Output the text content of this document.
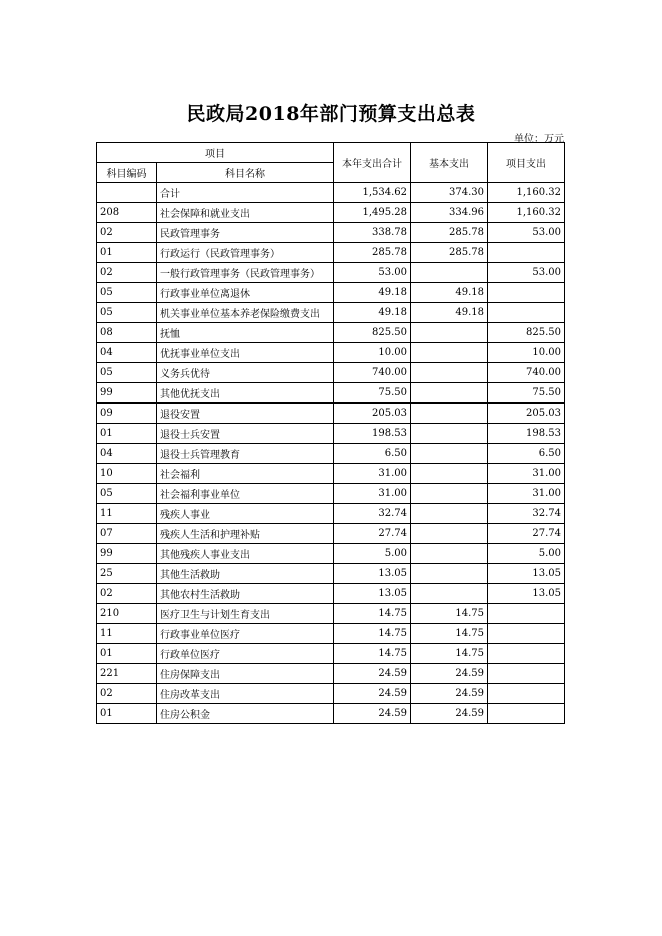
民政局2018年部门预算支出总表
单位：万元
项目		本年支出合计	基本支出	项目支出
科目编码	科目名称			
	合计	1,534.62	374.30	1,160.32
208	社会保障和就业支出	1,495.28	334.96	1,160.32
02	民政管理事务	338.78	285.78	53.00
01	行政运行（民政管理事务）	285.78	285.78	
02	一般行政管理事务（民政管理事务）	53.00		53.00
05	行政事业单位离退休	49.18	49.18	
05	机关事业单位基本养老保险缴费支出	49.18	49.18	
08	抚恤	825.50		825.50
04	优抚事业单位支出	10.00		10.00
05	义务兵优待	740.00		740.00
99	其他优抚支出	75.50		75.50
09	退役安置	205.03		205.03
01	退役士兵安置	198.53		198.53
04	退役士兵管理教育	6.50		6.50
10	社会福利	31.00		31.00
05	社会福利事业单位	31.00		31.00
11	残疾人事业	32.74		32.74
07	残疾人生活和护理补贴	27.74		27.74
99	其他残疾人事业支出	5.00		5.00
25	其他生活救助	13.05		13.05
02	其他农村生活救助	13.05		13.05
210	医疗卫生与计划生育支出	14.75	14.75	
11	行政事业单位医疗	14.75	14.75	
01	行政单位医疗	14.75	14.75	
221	住房保障支出	24.59	24.59	
02	住房改革支出	24.59	24.59	
01	住房公积金	24.59	24.59	
